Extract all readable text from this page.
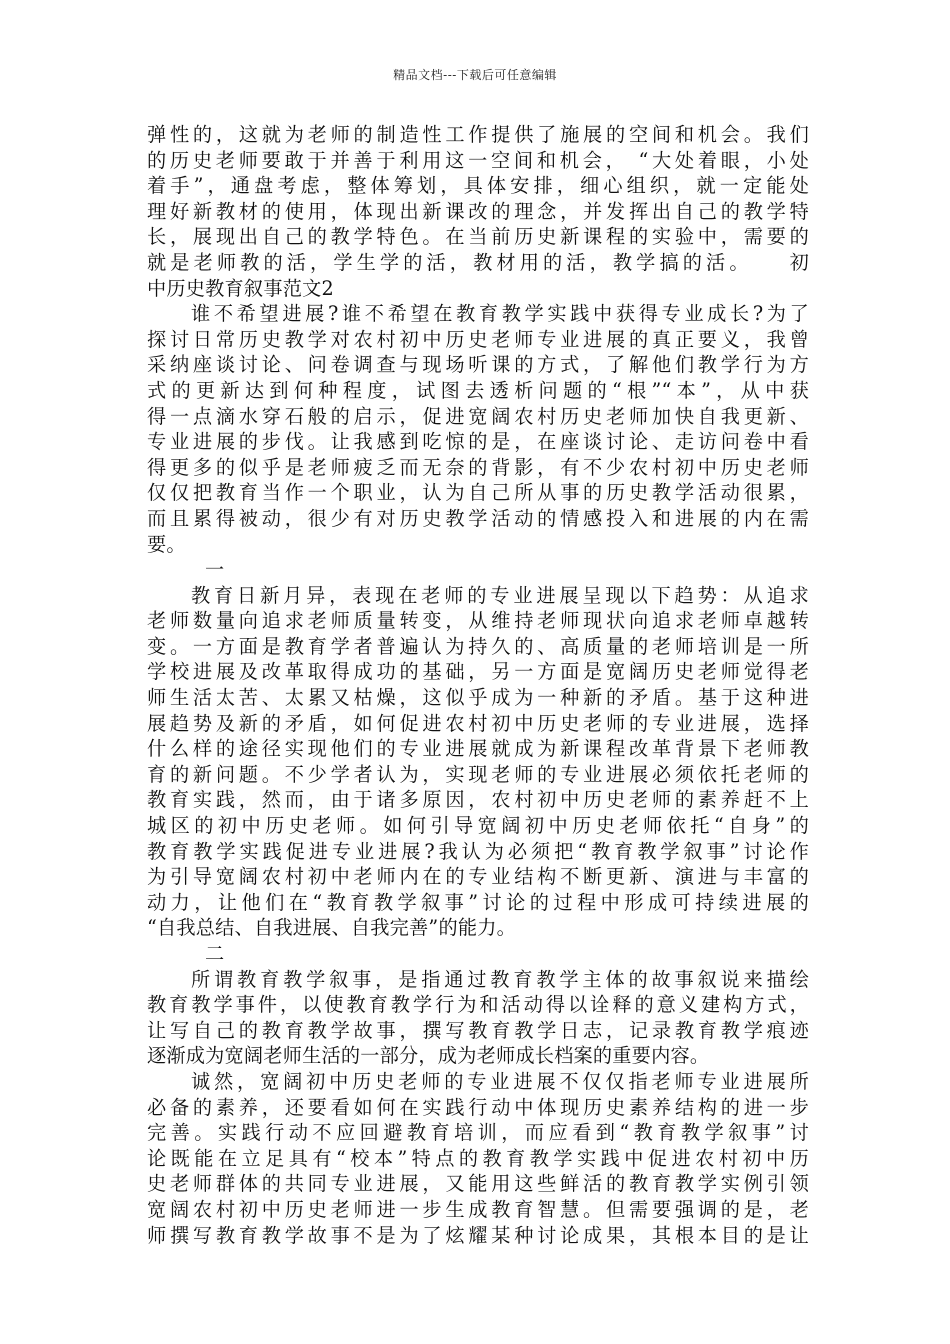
精品文档---下载后可任意编辑
弹性的，这就为老师的制造性工作提供了施展的空间和机会。我们
的历史老师要敢于并善于利用这一空间和机会， “大处着眼，小处
着手”，通盘考虑，整体筹划，具体安排，细心组织，就一定能处
理好新教材的使用，体现出新课改的理念，并发挥出自己的教学特
长，展现出自己的教学特色。在当前历史新课程的实验中，需要的
就是老师教的活，学生学的活，教材用的活，教学搞的活。　　初
中历史教育叙事范文2
谁不希望进展?谁不希望在教育教学实践中获得专业成长?为了
探讨日常历史教学对农村初中历史老师专业进展的真正要义，我曾
采纳座谈讨论、问卷调查与现场听课的方式，了解他们教学行为方
式的更新达到何种程度，试图去透析问题的“根”“本”，从中获
得一点滴水穿石般的启示，促进宽阔农村历史老师加快自我更新、
专业进展的步伐。让我感到吃惊的是，在座谈讨论、走访问卷中看
得更多的似乎是老师疲乏而无奈的背影，有不少农村初中历史老师
仅仅把教育当作一个职业，认为自己所从事的历史教学活动很累，
而且累得被动，很少有对历史教学活动的情感投入和进展的内在需
要。
一
教育日新月异，表现在老师的专业进展呈现以下趋势：从追求
老师数量向追求老师质量转变，从维持老师现状向追求老师卓越转
变。一方面是教育学者普遍认为持久的、高质量的老师培训是一所
学校进展及改革取得成功的基础，另一方面是宽阔历史老师觉得老
师生活太苦、太累又枯燥，这似乎成为一种新的矛盾。基于这种进
展趋势及新的矛盾，如何促进农村初中历史老师的专业进展，选择
什么样的途径实现他们的专业进展就成为新课程改革背景下老师教
育的新问题。不少学者认为，实现老师的专业进展必须依托老师的
教育实践，然而，由于诸多原因，农村初中历史老师的素养赶不上
城区的初中历史老师。如何引导宽阔初中历史老师依托“自身”的
教育教学实践促进专业进展?我认为必须把“教育教学叙事”讨论作
为引导宽阔农村初中老师内在的专业结构不断更新、演进与丰富的
动力，让他们在“教育教学叙事”讨论的过程中形成可持续进展的
“自我总结、自我进展、自我完善”的能力。
二
所谓教育教学叙事，是指通过教育教学主体的故事叙说来描绘
教育教学事件，以使教育教学行为和活动得以诠释的意义建构方式，
让写自己的教育教学故事，撰写教育教学日志，记录教育教学痕迹
逐渐成为宽阔老师生活的一部分，成为老师成长档案的重要内容。
诚然，宽阔初中历史老师的专业进展不仅仅指老师专业进展所
必备的素养，还要看如何在实践行动中体现历史素养结构的进一步
完善。实践行动不应回避教育培训，而应看到“教育教学叙事”讨
论既能在立足具有“校本”特点的教育教学实践中促进农村初中历
史老师群体的共同专业进展，又能用这些鲜活的教育教学实例引领
宽阔农村初中历史老师进一步生成教育智慧。但需要强调的是，老
师撰写教育教学故事不是为了炫耀某种讨论成果，其根本目的是让
